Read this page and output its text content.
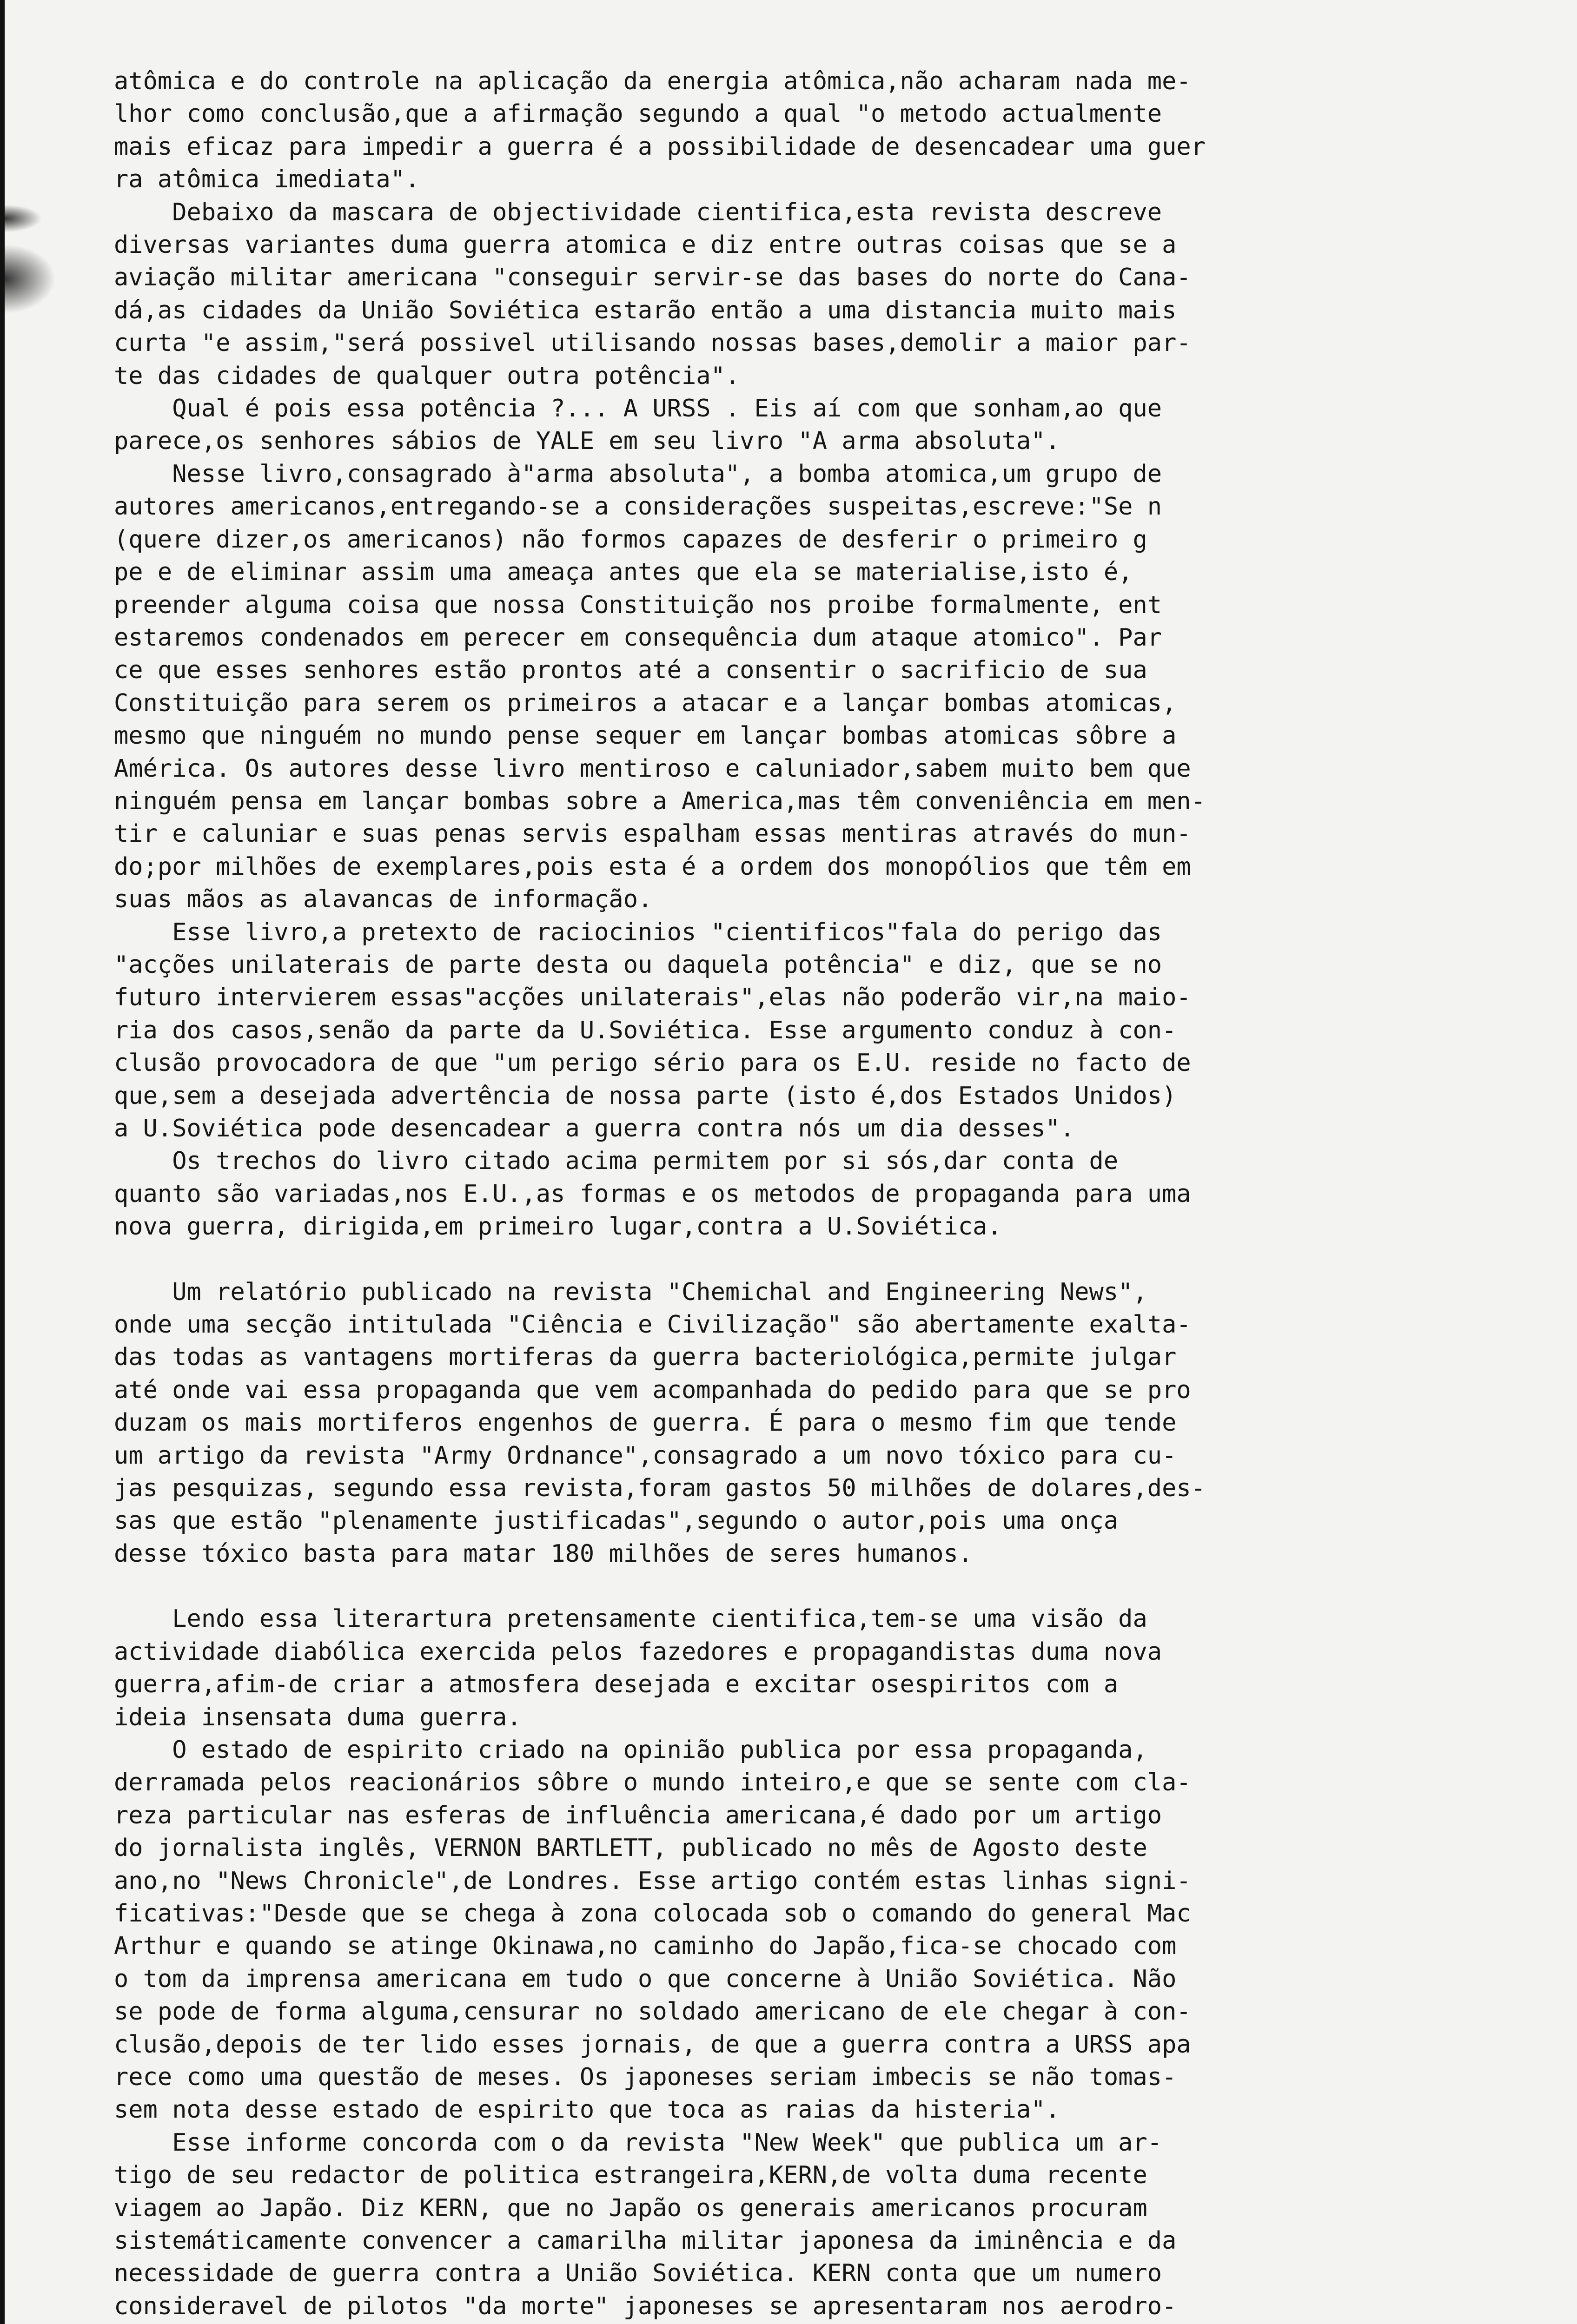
atômica e do controle na aplicação da energia atômica,não acharam nada me-
lhor como conclusão,que a afirmação segundo a qual "o metodo actualmente
mais eficaz para impedir a guerra é a possibilidade de desencadear uma guer
ra atômica imediata".
Debaixo da mascara de objectividade cientifica,esta revista descreve
diversas variantes duma guerra atomica e diz entre outras coisas que se a
aviação militar americana "conseguir servir-se das bases do norte do Cana-
dá,as cidades da União Soviética estarão então a uma distancia muito mais
curta "e assim,"será possivel utilisando nossas bases,demolir a maior par-
te das cidades de qualquer outra potência".
Qual é pois essa potência ?... A URSS . Eis aí com que sonham,ao que
parece,os senhores sábios de YALE em seu livro "A arma absoluta".
Nesse livro,consagrado à"arma absoluta", a bomba atomica,um grupo de
autores americanos,entregando-se a considerações suspeitas,escreve:"Se n
(quere dizer,os americanos) não formos capazes de desferir o primeiro g
pe e de eliminar assim uma ameaça antes que ela se materialise,isto é,
preender alguma coisa que nossa Constituição nos proibe formalmente, ent
estaremos condenados em perecer em consequência dum ataque atomico". Par
ce que esses senhores estão prontos até a consentir o sacrificio de sua
Constituição para serem os primeiros a atacar e a lançar bombas atomicas,
mesmo que ninguém no mundo pense sequer em lançar bombas atomicas sôbre a
América. Os autores desse livro mentiroso e caluniador,sabem muito bem que
ninguém pensa em lançar bombas sobre a America,mas têm conveniência em men-
tir e caluniar e suas penas servis espalham essas mentiras através do mun-
do;por milhões de exemplares,pois esta é a ordem dos monopólios que têm em
suas mãos as alavancas de informação.
Esse livro,a pretexto de raciocinios "cientificos"fala do perigo das
"acções unilaterais de parte desta ou daquela potência" e diz, que se no
futuro intervierem essas"acções unilaterais",elas não poderão vir,na maio-
ria dos casos,senão da parte da U.Soviética. Esse argumento conduz à con-
clusão provocadora de que "um perigo sério para os E.U. reside no facto de
que,sem a desejada advertência de nossa parte (isto é,dos Estados Unidos)
a U.Soviética pode desencadear a guerra contra nós um dia desses".
Os trechos do livro citado acima permitem por si sós,dar conta de
quanto são variadas,nos E.U.,as formas e os metodos de propaganda para uma
nova guerra, dirigida,em primeiro lugar,contra a U.Soviética.
Um relatório publicado na revista "Chemichal and Engineering News",
onde uma secção intitulada "Ciência e Civilização" são abertamente exalta-
das todas as vantagens mortiferas da guerra bacteriológica,permite julgar
até onde vai essa propaganda que vem acompanhada do pedido para que se pro
duzam os mais mortiferos engenhos de guerra. É para o mesmo fim que tende
um artigo da revista "Army Ordnance",consagrado a um novo tóxico para cu-
jas pesquizas, segundo essa revista,foram gastos 50 milhões de dolares,des-
sas que estão "plenamente justificadas",segundo o autor,pois uma onça
desse tóxico basta para matar 180 milhões de seres humanos.
Lendo essa literartura pretensamente cientifica,tem-se uma visão da
actividade diabólica exercida pelos fazedores e propagandistas duma nova
guerra,afim-de criar a atmosfera desejada e excitar osespiritos com a
ideia insensata duma guerra.
O estado de espirito criado na opinião publica por essa propaganda,
derramada pelos reacionários sôbre o mundo inteiro,e que se sente com cla-
reza particular nas esferas de influência americana,é dado por um artigo
do jornalista inglês, VERNON BARTLETT, publicado no mês de Agosto deste
ano,no "News Chronicle",de Londres. Esse artigo contém estas linhas signi-
ficativas:"Desde que se chega à zona colocada sob o comando do general Mac
Arthur e quando se atinge Okinawa,no caminho do Japão,fica-se chocado com
o tom da imprensa americana em tudo o que concerne à União Soviética. Não
se pode de forma alguma,censurar no soldado americano de ele chegar à con-
clusão,depois de ter lido esses jornais, de que a guerra contra a URSS apa
rece como uma questão de meses. Os japoneses seriam imbecis se não tomas-
sem nota desse estado de espirito que toca as raias da histeria".
Esse informe concorda com o da revista "New Week" que publica um ar-
tigo de seu redactor de politica estrangeira,KERN,de volta duma recente
viagem ao Japão. Diz KERN, que no Japão os generais americanos procuram
sistemáticamente convencer a camarilha militar japonesa da iminência e da
necessidade de guerra contra a União Soviética. KERN conta que um numero
consideravel de pilotos "da morte" japoneses se apresentaram nos aerodro-
